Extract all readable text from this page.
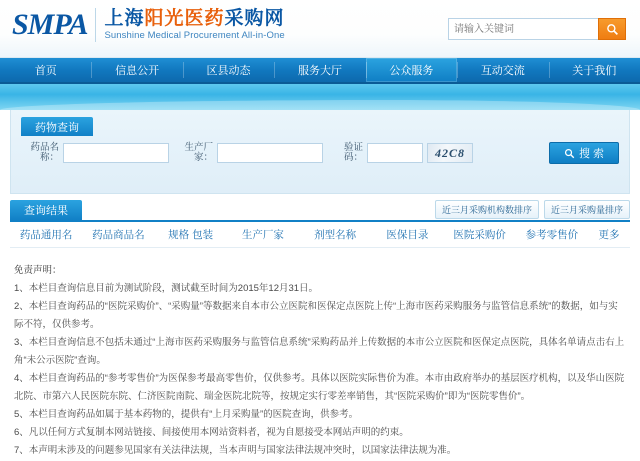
SMPA 上海阳光医药采购网
Sunshine Medical Procurement All-in-One
请输入关键词
首页	信息公开	区县动态	服务大厅	公众服务	互动交流	关于我们
药物查询
药品名称：
生产厂家：
验证码：	42C8	搜 索
查询结果	近三月采购机构数排序	近三月采购量排序
药品通用名	药品商品名	规格 包装	生产厂家	剂型名称	医保目录	医院采购价	参考零售价	更多

免责声明：

1、本栏目查询信息目前为测试阶段，测试截至时间为2015年12月31日。

2、本栏目查询药品的“医院采购价”、“采购量”等数据来自本市公立医院和医保定点医院上传“上海市医药采购服务与监管信息系统”的数据，如与实际不符，仅供参考。

3、本栏目查询信息不包括未通过“上海市医药采购服务与监管信息系统”采购药品并上传数据的本市公立医院和医保定点医院，具体名单请点击右上角“未公示医院”查询。

4、本栏目查询药品的“参考零售价”为医保参考最高零售价，仅供参考。具体以医院实际售价为准。本市由政府举办的基层医疗机构，以及华山医院北院、市第六人民医院东院、仁济医院南院、瑞金医院北院等，按规定实行零差率销售，其“医院采购价”即为“医院零售价”。

5、本栏目查询药品如属于基本药物的，提供有“上月采购量”的医院查询，供参考。

6、凡以任何方式复制本网站链接、间接使用本网站资料者，视为自愿接受本网站声明的约束。

7、本声明未涉及的问题参见国家有关法律法规，当本声明与国家法律法规冲突时，以国家法律法规为准。
